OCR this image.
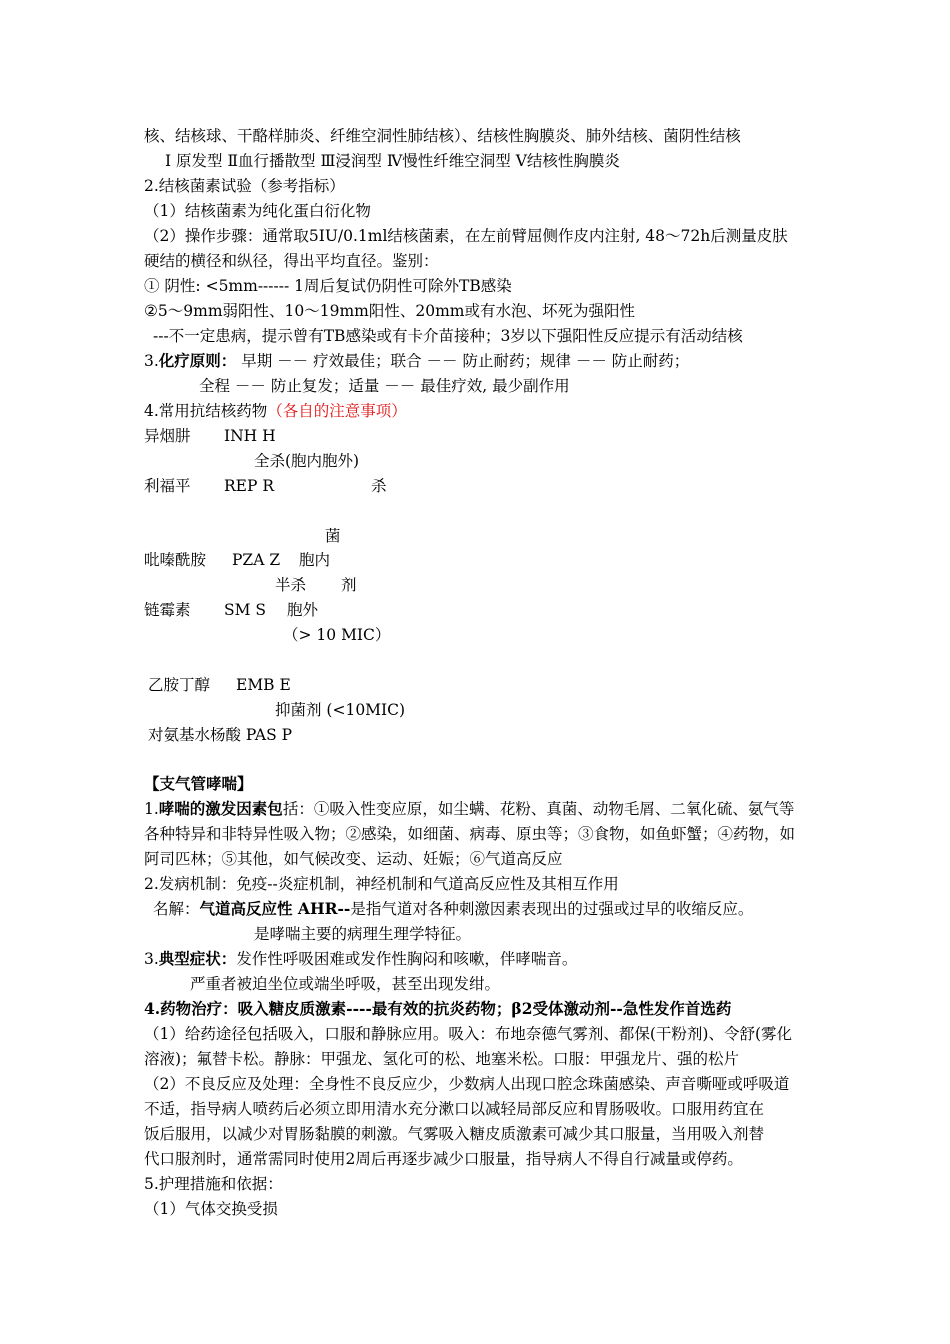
核、结核球、干酪样肺炎、纤维空洞性肺结核）、结核性胸膜炎、肺外结核、菌阴性结核
Ⅰ 原发型 Ⅱ血行播散型 Ⅲ浸润型 Ⅳ慢性纤维空洞型 Ⅴ结核性胸膜炎
2.结核菌素试验（参考指标）
（1）结核菌素为纯化蛋白衍化物
（2）操作步骤：通常取5IU/0.1ml结核菌素，在左前臂屈侧作皮内注射, 48～72h后测量皮肤
硬结的横径和纵径，得出平均直径。鉴别：
① 阴性: <5mm------ 1周后复试仍阴性可除外TB感染
②5～9mm弱阳性、10～19mm阳性、20mm或有水泡、坏死为强阳性
---不一定患病，提示曾有TB感染或有卡介苗接种；3岁以下强阳性反应提示有活动结核
3.化疗原则： 早期 －－ 疗效最佳；联合 －－ 防止耐药；规律 －－ 防止耐药；
全程 －－ 防止复发；适量 －－ 最佳疗效, 最少副作用
4.常用抗结核药物（各自的注意事项）
异烟肼 INH H
全杀(胞内胞外)
利福平 REP R	杀
菌
吡嗪酰胺 PZA Z 胞内
半杀 剂
链霉素 SM S 胞外
（> 10 MIC）
乙胺丁醇 EMB E
抑菌剂 (<10MIC)
对氨基水杨酸 PAS P
【支气管哮喘】
1.哮喘的激发因素包括：①吸入性变应原，如尘螨、花粉、真菌、动物毛屑、二氧化硫、氨气等
各种特异和非特异性吸入物；②感染，如细菌、病毒、原虫等；③食物，如鱼虾蟹；④药物，如
阿司匹林；⑤其他，如气候改变、运动、妊娠；⑥气道高反应
2.发病机制：免疫--炎症机制，神经机制和气道高反应性及其相互作用
名解：气道高反应性 AHR--是指气道对各种刺激因素表现出的过强或过早的收缩反应。
是哮喘主要的病理生理学特征。
3.典型症状：发作性呼吸困难或发作性胸闷和咳嗽，伴哮喘音。
严重者被迫坐位或端坐呼吸，甚至出现发绀。
4.药物治疗：吸入糖皮质激素----最有效的抗炎药物；β2受体激动剂--急性发作首选药
（1）给药途径包括吸入，口服和静脉应用。吸入：布地奈德气雾剂、都保(干粉剂)、令舒(雾化
溶液)；氟替卡松。静脉：甲强龙、氢化可的松、地塞米松。口服：甲强龙片、强的松片
（2）不良反应及处理：全身性不良反应少，少数病人出现口腔念珠菌感染、声音嘶哑或呼吸道
不适，指导病人喷药后必须立即用清水充分漱口以减轻局部反应和胃肠吸收。口服用药宜在
饭后服用，以减少对胃肠黏膜的刺激。气雾吸入糖皮质激素可减少其口服量，当用吸入剂替
代口服剂时，通常需同时使用2周后再逐步减少口服量，指导病人不得自行减量或停药。
5.护理措施和依据：
（1）气体交换受损
